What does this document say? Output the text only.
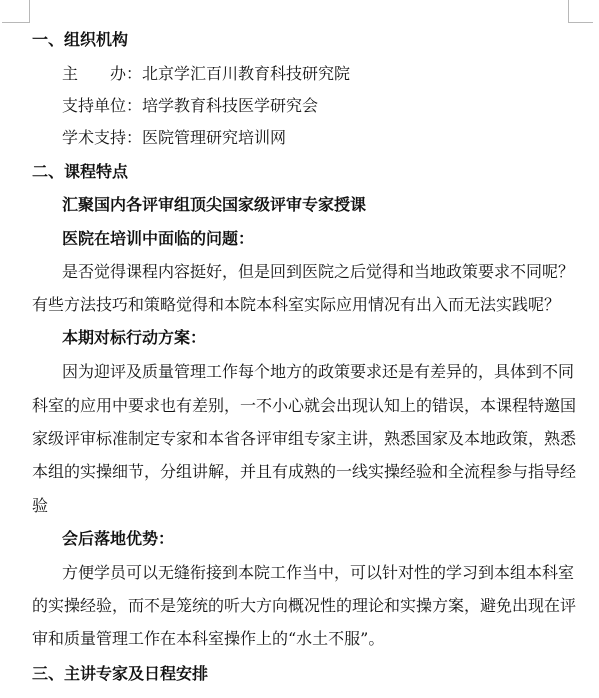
一、组织机构
主　　办：北京学汇百川教育科技研究院
支持单位：培学教育科技医学研究会
学术支持：医院管理研究培训网
二、课程特点
汇聚国内各评审组顶尖国家级评审专家授课
医院在培训中面临的问题：
是否觉得课程内容挺好，但是回到医院之后觉得和当地政策要求不同呢？
有些方法技巧和策略觉得和本院本科室实际应用情况有出入而无法实践呢？
本期对标行动方案：
因为迎评及质量管理工作每个地方的政策要求还是有差异的，具体到不同
科室的应用中要求也有差别，一不小心就会出现认知上的错误，本课程特邀国
家级评审标准制定专家和本省各评审组专家主讲，熟悉国家及本地政策，熟悉
本组的实操细节，分组讲解，并且有成熟的一线实操经验和全流程参与指导经
验
会后落地优势：
方便学员可以无缝衔接到本院工作当中，可以针对性的学习到本组本科室
的实操经验，而不是笼统的听大方向概况性的理论和实操方案，避免出现在评
审和质量管理工作在本科室操作上的“水土不服”。
三、主讲专家及日程安排
